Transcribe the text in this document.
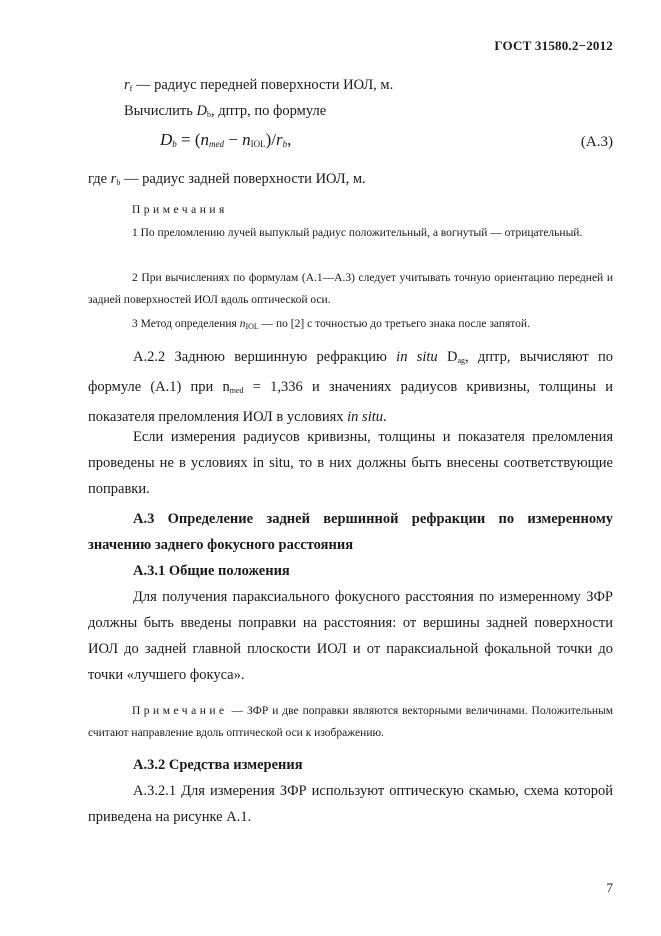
ГОСТ 31580.2−2012
rf — радиус передней поверхности ИОЛ, м.
Вычислить Db, дптр, по формуле
$D_b = (n_{med} - n_{IOL})/r_b$,	(A.3)
где rb — радиус задней поверхности ИОЛ, м.
Примечания
1 По преломлению лучей выпуклый радиус положительный, а вогнутый — отрицательный.
2 При вычислениях по формулам (А.1—А.3) следует учитывать точную ориентацию передней и задней поверхностей ИОЛ вдоль оптической оси.
3 Метод определения nIOL — по [2] с точностью до третьего знака после запятой.
А.2.2 Заднюю вершинную рефракцию in situ Dag, дптр, вычисляют по формуле (А.1) при nmed = 1,336 и значениях радиусов кривизны, толщины и показателя преломления ИОЛ в условиях in situ.
Если измерения радиусов кривизны, толщины и показателя преломления проведены не в условиях in situ, то в них должны быть внесены соответствующие поправки.
А.3 Определение задней вершинной рефракции по измеренному значению заднего фокусного расстояния
А.3.1 Общие положения
Для получения параксиального фокусного расстояния по измеренному ЗФР должны быть введены поправки на расстояния: от вершины задней поверхности ИОЛ до задней главной плоскости ИОЛ и от параксиальной фокальной точки до точки «лучшего фокуса».
Примечание — ЗФР и две поправки являются векторными величинами. Положительным считают направление вдоль оптической оси к изображению.
А.3.2 Средства измерения
А.3.2.1 Для измерения ЗФР используют оптическую скамью, схема которой приведена на рисунке А.1.
7
